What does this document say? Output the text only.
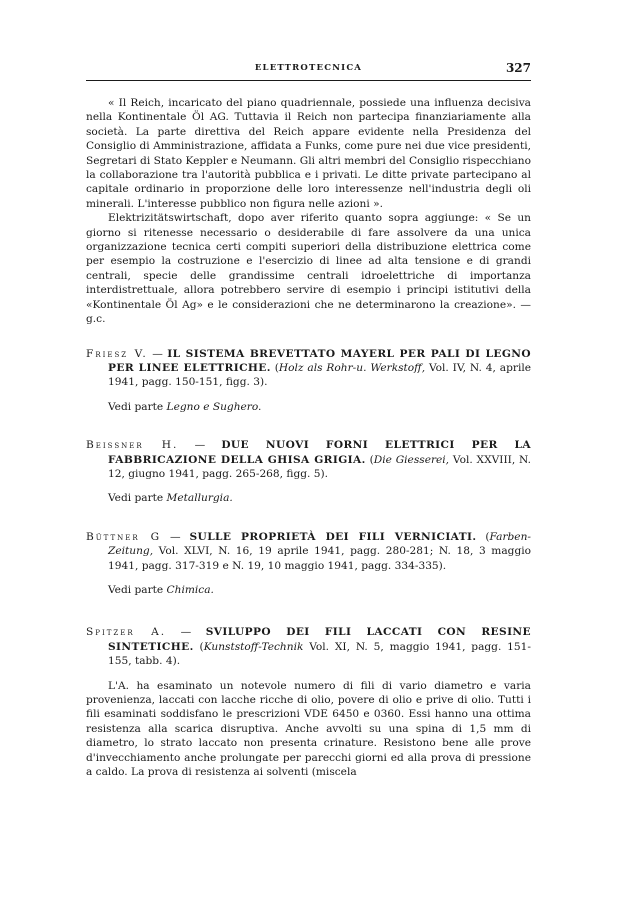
ELETTROTECNICA	327

« Il Reich, incaricato del piano quadriennale, possiede una influenza decisiva nella Kontinentale Öl AG. Tuttavia il Reich non partecipa finanziariamente alla società. La parte direttiva del Reich appare evidente nella Presidenza del Consiglio di Amministrazione, affidata a Funks, come pure nei due vice presidenti, Segretari di Stato Keppler e Neumann. Gli altri membri del Consiglio rispecchiano la collaborazione tra l'autorità pubblica e i privati. Le ditte private partecipano al capitale ordinario in proporzione delle loro interessenze nell'industria degli oli minerali. L'interesse pubblico non figura nelle azioni ».

Elektrizitätswirtschaft, dopo aver riferito quanto sopra aggiunge: « Se un giorno si ritenesse necessario o desiderabile di fare assolvere da una unica organizzazione tecnica certi compiti superiori della distribuzione elettrica come per esempio la costruzione e l'esercizio di linee ad alta tensione e di grandi centrali, specie delle grandissime centrali idroelettriche di importanza interdistrettuale, allora potrebbero servire di esempio i principi istitutivi della «Kontinentale Öl Ag» e le considerazioni che ne determinarono la creazione». — g.c.

Friesz V. — IL SISTEMA BREVETTATO MAYERL PER PALI DI LEGNO PER LINEE ELETTRICHE. (Holz als Rohr-u. Werkstoff, Vol. IV, N. 4, aprile 1941, pagg. 150-151, figg. 3).
Vedi parte Legno e Sughero.
Beissner H. — DUE NUOVI FORNI ELETTRICI PER LA FABBRICAZIONE DELLA GHISA GRIGIA. (Die Giesserei, Vol. XXVIII, N. 12, giugno 1941, pagg. 265-268, figg. 5).
Vedi parte Metallurgia.
Büttner G — SULLE PROPRIETÀ DEI FILI VERNICIATI. (Farben-Zeitung, Vol. XLVI, N. 16, 19 aprile 1941, pagg. 280-281; N. 18, 3 maggio 1941, pagg. 317-319 e N. 19, 10 maggio 1941, pagg. 334-335).
Vedi parte Chimica.
Spitzer A. — SVILUPPO DEI FILI LACCATI CON RESINE SINTETICHE. (Kunststoff-Technik Vol. XI, N. 5, maggio 1941, pagg. 151-155, tabb. 4).

L'A. ha esaminato un notevole numero di fili di vario diametro e varia provenienza, laccati con lacche ricche di olio, povere di olio e prive di olio. Tutti i fili esaminati soddisfano le prescrizioni VDE 6450 e 0360. Essi hanno una ottima resistenza alla scarica disruptiva. Anche avvolti su una spina di 1,5 mm di diametro, lo strato laccato non presenta crinature. Resistono bene alle prove d'invecchiamento anche prolungate per parecchi giorni ed alla prova di pressione a caldo. La prova di resistenza ai solventi (miscela
